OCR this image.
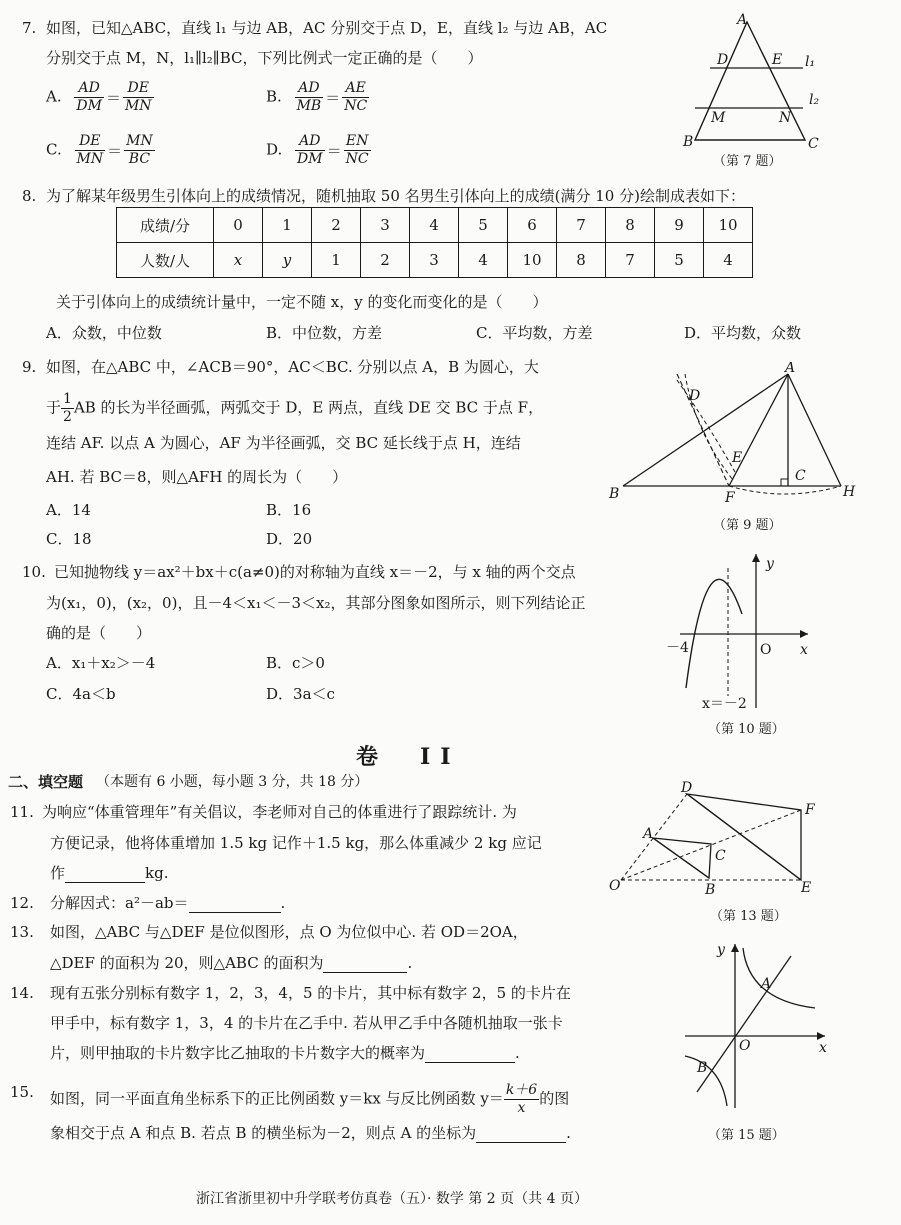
7. 如图，已知△ABC，直线 l₁ 与边 AB，AC 分别交于点 D，E，直线 l₂ 与边 AB，AC
分别交于点 M，N，l₁∥l₂∥BC，下列比例式一定正确的是（　　）
A. $\frac{AD}{DM} = \frac{DE}{MN}$	B. $\frac{AD}{MB} = \frac{AE}{NC}$
C. $\frac{DE}{MN} = \frac{MN}{BC}$	D. $\frac{AD}{DM} = \frac{EN}{NC}$
A
B	C
D	E
M	N
l₁
l₂
（第 7 题）
8. 为了解某年级男生引体向上的成绩情况，随机抽取 50 名男生引体向上的成绩(满分 10 分)绘制成表如下：
成绩/分	0	1	2	3	4	5	6	7	8	9	10
人数/人	x	y	1	2	3	4	10	8	7	5	4
关于引体向上的成绩统计量中，一定不随 x，y 的变化而变化的是（　　）
A．众数，中位数	B．中位数，方差	C．平均数，方差	D．平均数，众数
9. 如图，在△ABC 中，∠ACB＝90°，AC＜BC. 分别以点 A，B 为圆心，大
于 $\frac{1}{2}$ AB 的长为半径画弧，两弧交于 D，E 两点，直线 DE 交 BC 于点 F，
连结 AF. 以点 A 为圆心，AF 为半径画弧，交 BC 延长线于点 H，连结
AH. 若 BC＝8，则△AFH 的周长为（　　）
A．14	B．16
C．18	D．20
A
B
C
D
E
F	H
（第 9 题）
10. 已知抛物线 y＝ax²＋bx＋c(a≠0)的对称轴为直线 x＝－2，与 x 轴的两个交点
为(x₁，0)，(x₂，0)，且－4＜x₁＜－3＜x₂，其部分图象如图所示，则下列结论正
确的是（　　）
A．x₁＋x₂＞－4	B．c＞0
C．4a＜b	D．3a＜c
y
x
O
－4
x＝－2
（第 10 题）
卷　II
二、填空题 （本题有 6 小题，每小题 3 分，共 18 分）
11. 为响应“体重管理年”有关倡议，李老师对自己的体重进行了跟踪统计. 为
方便记录，他将体重增加 1.5 kg 记作＋1.5 kg，那么体重减少 2 kg 应记
作	kg.
12. 分解因式：a²－ab＝	.
13. 如图，△ABC 与△DEF 是位似图形，点 O 为位似中心. 若 OD＝2OA，
△DEF 的面积为 20，则△ABC 的面积为	.
D
F
E
A
C
B
O
（第 13 题）
14. 现有五张分别标有数字 1，2，3，4，5 的卡片，其中标有数字 2，5 的卡片在
甲手中，标有数字 1，3，4 的卡片在乙手中. 若从甲乙手中各随机抽取一张卡
片，则甲抽取的卡片数字比乙抽取的卡片数字大的概率为	.
15. 如图，同一平面直角坐标系下的正比例函数 y＝kx 与反比例函数 $y= \frac{k+6}{x}$ 的图
象相交于点 A 和点 B. 若点 B 的横坐标为－2，则点 A 的坐标为	.
y
x
O
A
B
（第 15 题）
浙江省浙里初中升学联考仿真卷（五）· 数学 第 2 页（共 4 页）
